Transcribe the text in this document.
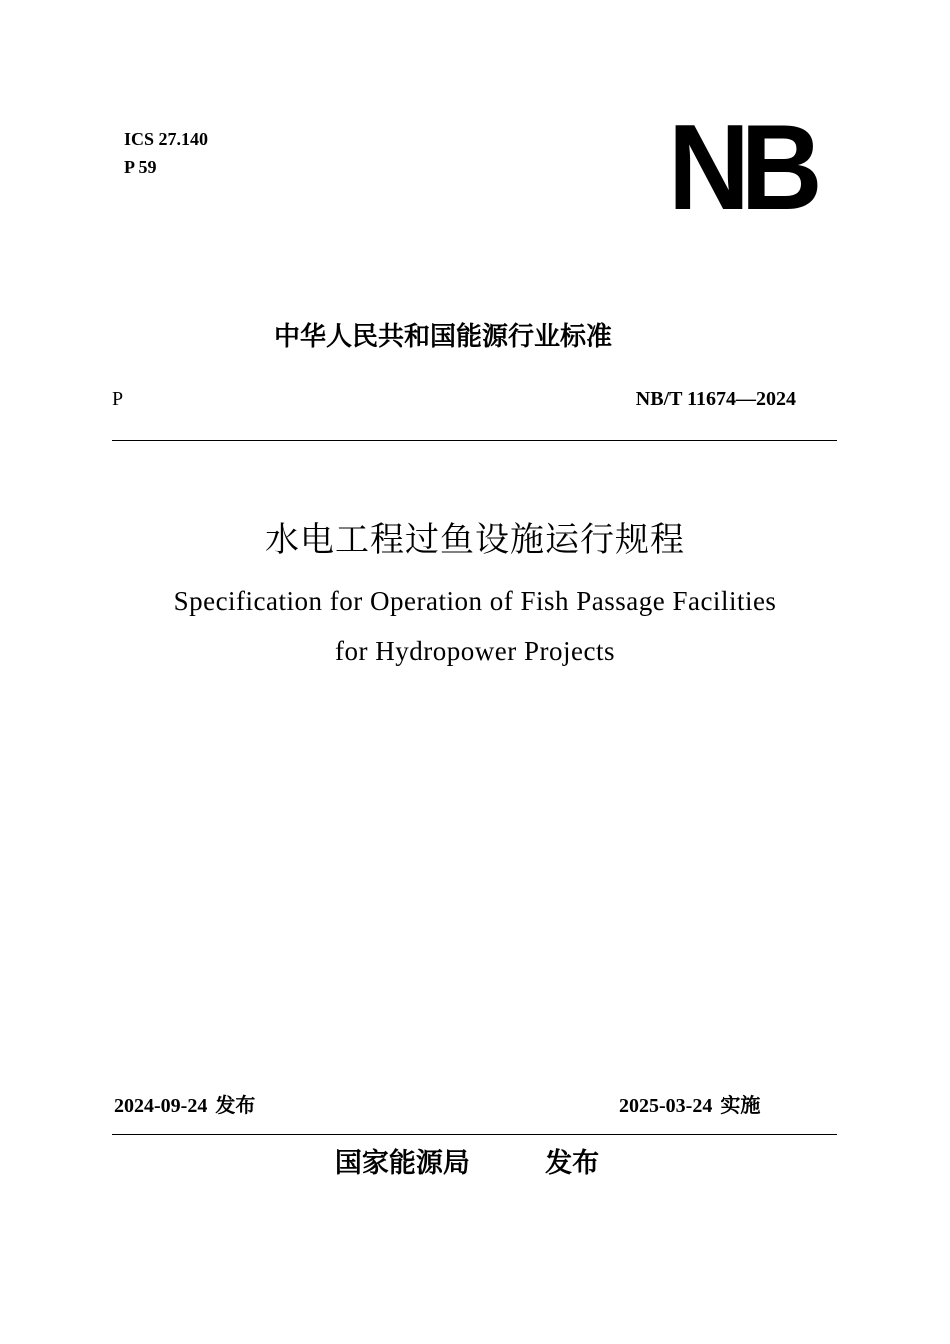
ICS 27.140
P 59	NB
中华人民共和国能源行业标准
P	NB/T 11674—2024
水电工程过鱼设施运行规程
Specification for Operation of Fish Passage Facilities
for Hydropower Projects
2024-09-24 发布	2025-03-24 实施
国家能源局	发布
